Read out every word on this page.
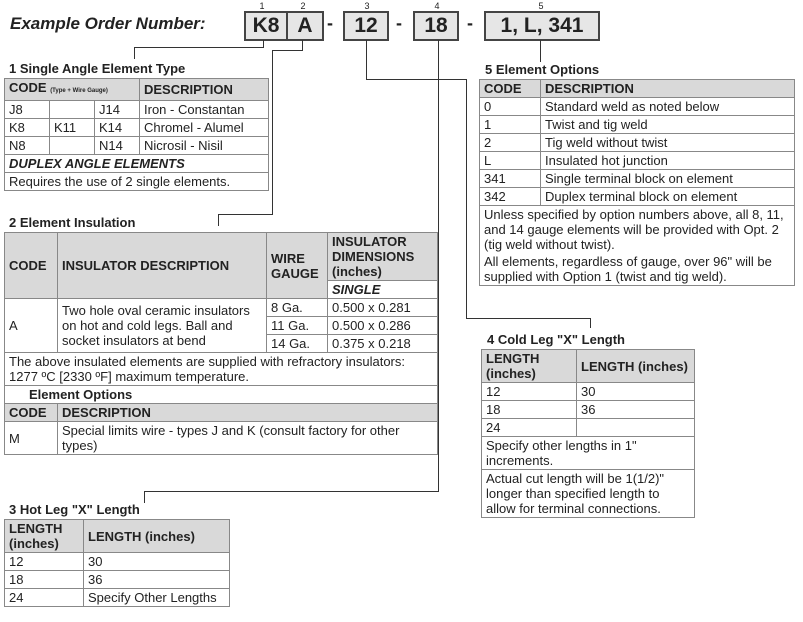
Example Order Number:
1	2	3	4	5
K8 A -	12	-	18	-	1, L, 341
1 Single Angle Element Type
CODE (Type + Wire Gauge)			DESCRIPTION
J8		J14	Iron - Constantan
K8	K11	K14	Chromel - Alumel
N8		N14	Nicrosil - Nisil
DUPLEX ANGLE ELEMENTS			
Requires the use of 2 single elements.			
2 Element Insulation
CODE	INSULATOR DESCRIPTION	WIRE GAUGE	INSULATOR DIMENSIONS (inches)
			SINGLE
A	Two hole oval ceramic insulators on hot and cold legs. Ball and socket insulators at bend	8 Ga.	0.500 x 0.281
		11 Ga.	0.500 x 0.286
		14 Ga.	0.375 x 0.218
The above insulated elements are supplied with refractory insulators: 1277 ºC [2330 ºF] maximum temperature.			
Element Options			
CODE	DESCRIPTION		
M	Special limits wire - types J and K (consult factory for other types)		
3 Hot Leg "X" Length
LENGTH (inches)	LENGTH (inches)
12	30
18	36
24	Specify Other Lengths
4 Cold Leg "X" Length
LENGTH (inches)	LENGTH (inches)
12	30
18	36
24	
Specify other lengths in 1" increments.	
Actual cut length will be 1(1/2)" longer than specified length to allow for terminal connections.	
5 Element Options
CODE	DESCRIPTION
0	Standard weld as noted below
1	Twist and tig weld
2	Tig weld without twist
L	Insulated hot junction
341	Single terminal block on element
342	Duplex terminal block on element
Unless specified by option numbers above, all 8, 11, and 14 gauge elements will be provided with Opt. 2 (tig weld without twist).	
All elements, regardless of gauge, over 96" will be supplied with Option 1 (twist and tig weld).	
